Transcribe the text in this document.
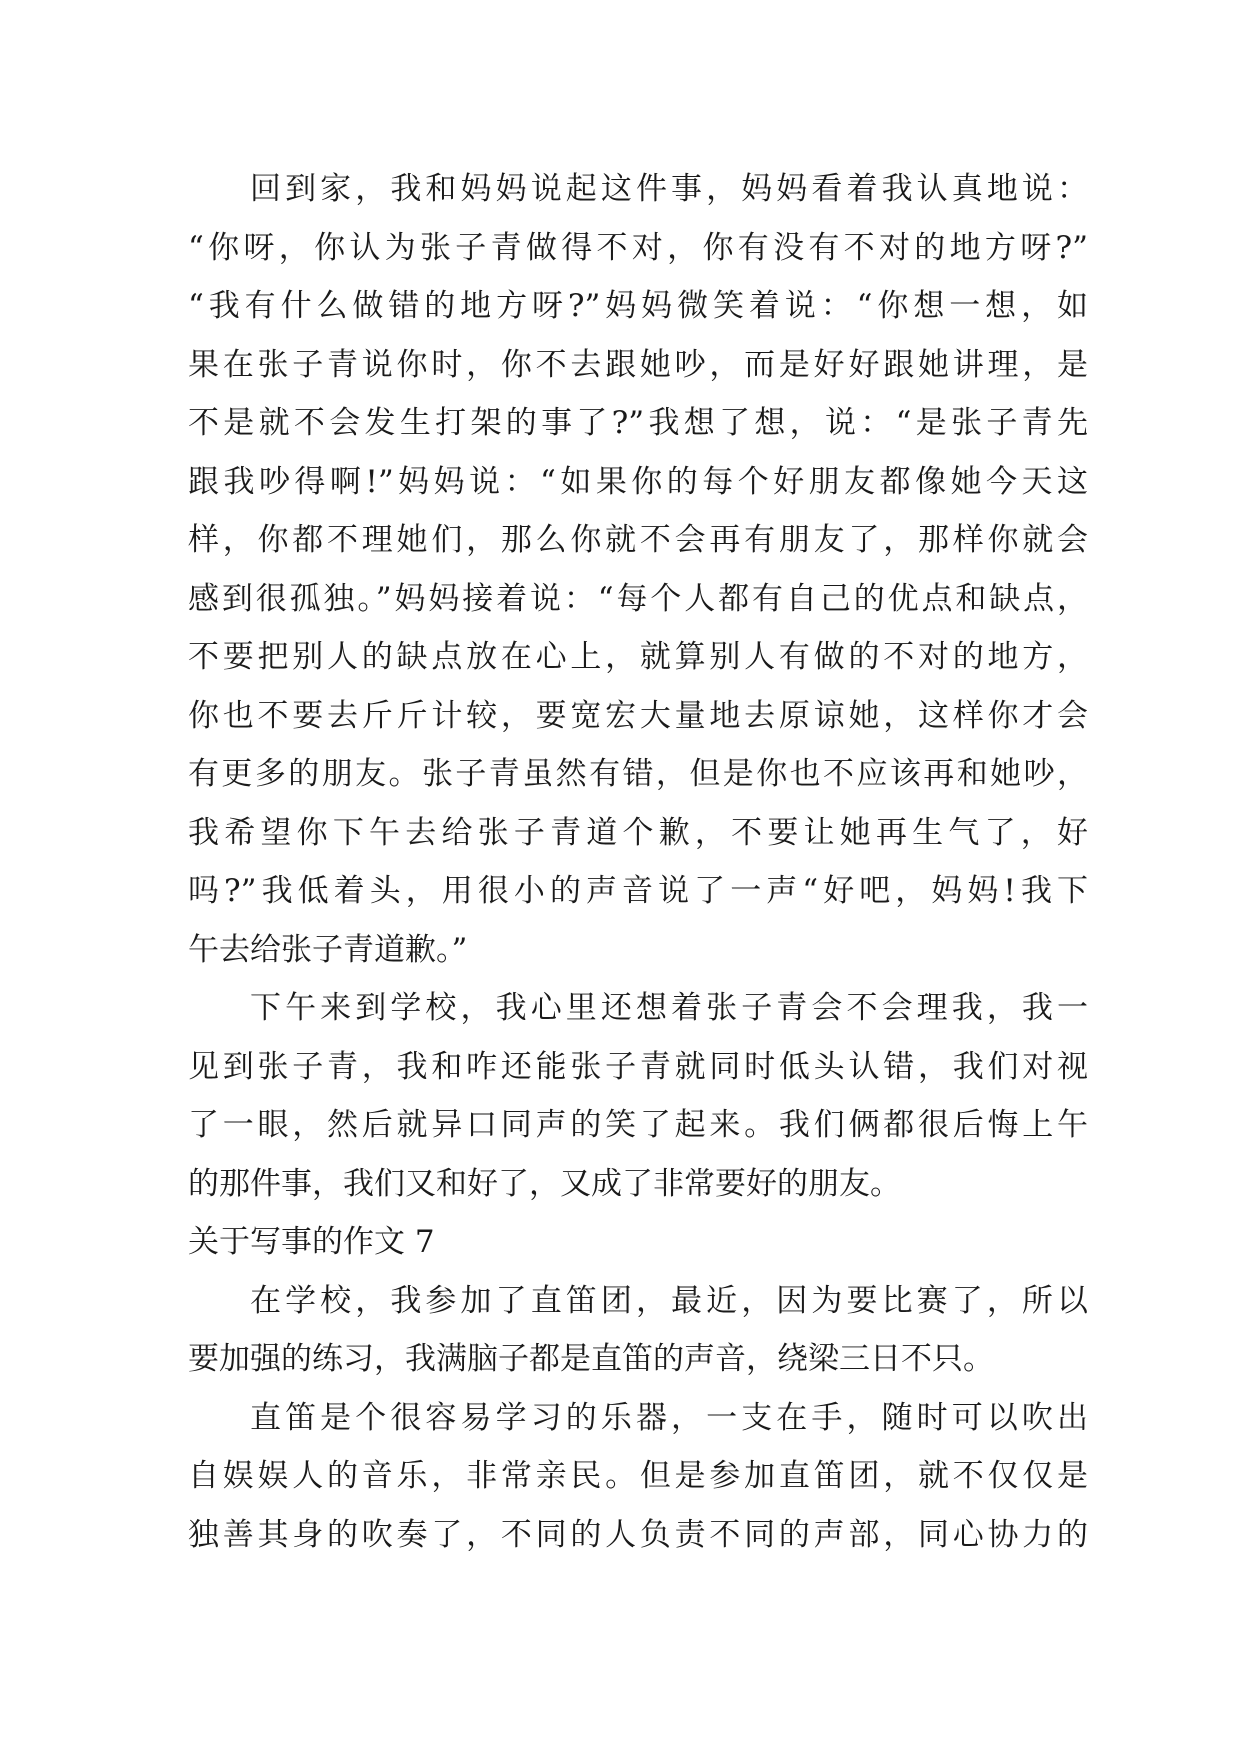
回到家，我和妈妈说起这件事，妈妈看着我认真地说：
“你呀，你认为张子青做得不对，你有没有不对的地方呀?”
“我有什么做错的地方呀?”妈妈微笑着说：“你想一想，如
果在张子青说你时，你不去跟她吵，而是好好跟她讲理，是
不是就不会发生打架的事了?”我想了想，说：“是张子青先
跟我吵得啊!”妈妈说：“如果你的每个好朋友都像她今天这
样，你都不理她们，那么你就不会再有朋友了，那样你就会
感到很孤独。”妈妈接着说：“每个人都有自己的优点和缺点，
不要把别人的缺点放在心上，就算别人有做的不对的地方，
你也不要去斤斤计较，要宽宏大量地去原谅她，这样你才会
有更多的朋友。张子青虽然有错，但是你也不应该再和她吵，
我希望你下午去给张子青道个歉，不要让她再生气了，好
吗?”我低着头，用很小的声音说了一声“好吧，妈妈!我下
午去给张子青道歉。”
下午来到学校，我心里还想着张子青会不会理我，我一
见到张子青，我和咋还能张子青就同时低头认错，我们对视
了一眼，然后就异口同声的笑了起来。我们俩都很后悔上午
的那件事，我们又和好了，又成了非常要好的朋友。
关于写事的作文 7
在学校，我参加了直笛团，最近，因为要比赛了，所以
要加强的练习，我满脑子都是直笛的声音，绕梁三日不只。
直笛是个很容易学习的乐器，一支在手，随时可以吹出
自娱娱人的音乐，非常亲民。但是参加直笛团，就不仅仅是
独善其身的吹奏了，不同的人负责不同的声部，同心协力的
